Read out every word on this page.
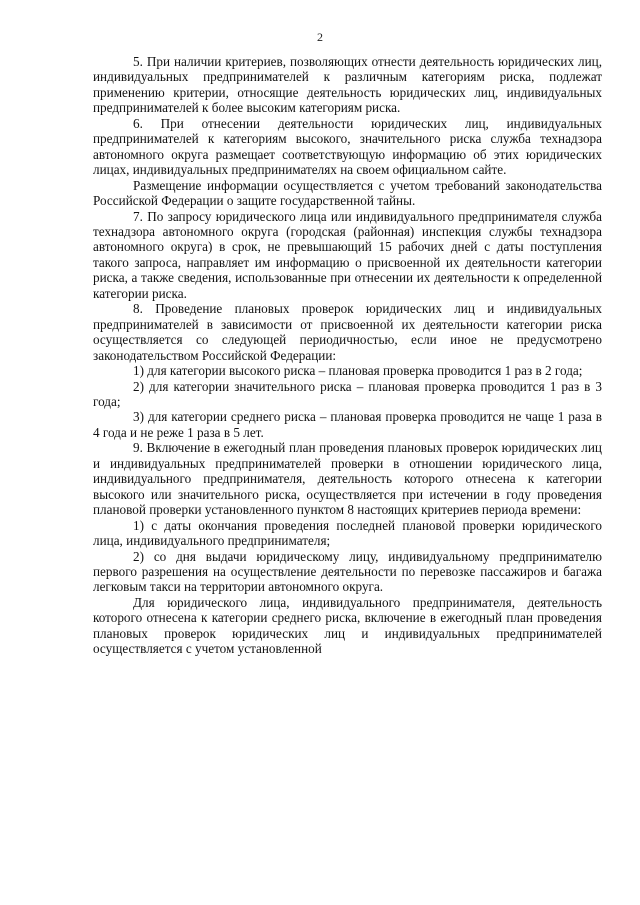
2

5. При наличии критериев, позволяющих отнести деятельность юридических лиц, индивидуальных предпринимателей к различным категориям риска, подлежат применению критерии, относящие деятельность юридических лиц, индивидуальных предпринимателей к более высоким категориям риска.

6. При отнесении деятельности юридических лиц, индивидуальных предпринимателей к категориям высокого, значительного риска служба технадзора автономного округа размещает соответствующую информацию об этих юридических лицах, индивидуальных предпринимателях на своем официальном сайте.

Размещение информации осуществляется с учетом требований законодательства Российской Федерации о защите государственной тайны.

7. По запросу юридического лица или индивидуального предпринимателя служба технадзора автономного округа (городская (районная) инспекция службы технадзора автономного округа) в срок, не превышающий 15 рабочих дней с даты поступления такого запроса, направляет им информацию о присвоенной их деятельности категории риска, а также сведения, использованные при отнесении их деятельности к определенной категории риска.

8. Проведение плановых проверок юридических лиц и индивидуальных предпринимателей в зависимости от присвоенной их деятельности категории риска осуществляется со следующей периодичностью, если иное не предусмотрено законодательством Российской Федерации:

1) для категории высокого риска – плановая проверка проводится 1 раз в 2 года;

2) для категории значительного риска – плановая проверка проводится 1 раз в 3 года;

3) для категории среднего риска – плановая проверка проводится не чаще 1 раза в 4 года и не реже 1 раза в 5 лет.

9. Включение в ежегодный план проведения плановых проверок юридических лиц и индивидуальных предпринимателей проверки в отношении юридического лица, индивидуального предпринимателя, деятельность которого отнесена к категории высокого или значительного риска, осуществляется при истечении в году проведения плановой проверки установленного пунктом 8 настоящих критериев периода времени:

1) с даты окончания проведения последней плановой проверки юридического лица, индивидуального предпринимателя;

2) со дня выдачи юридическому лицу, индивидуальному предпринимателю первого разрешения на осуществление деятельности по перевозке пассажиров и багажа легковым такси на территории автономного округа.

Для юридического лица, индивидуального предпринимателя, деятельность которого отнесена к категории среднего риска, включение в ежегодный план проведения плановых проверок юридических лиц и индивидуальных предпринимателей осуществляется с учетом установленной
